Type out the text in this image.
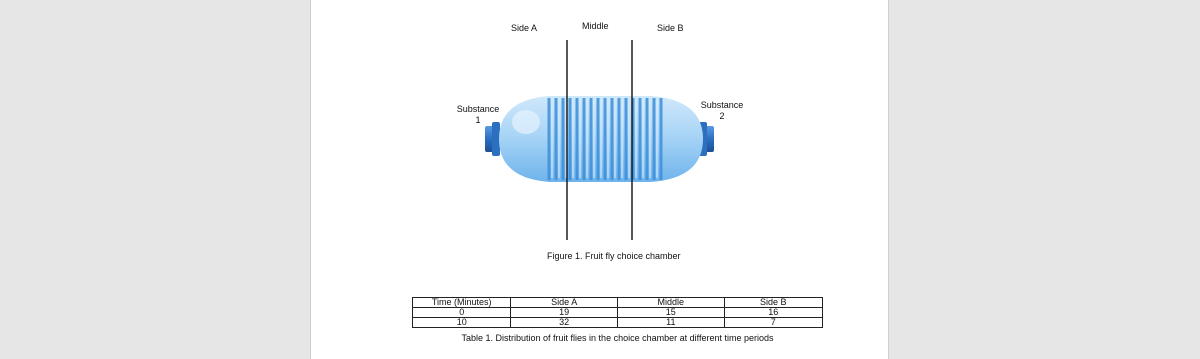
Side A	Middle	Side B
Substance
1
Substance
2
Figure 1. Fruit fly choice chamber
Time (Minutes)	Side A	Middle	Side B
0	19	15	16
10	32	11	7
Table 1. Distribution of fruit flies in the choice chamber at different time periods
